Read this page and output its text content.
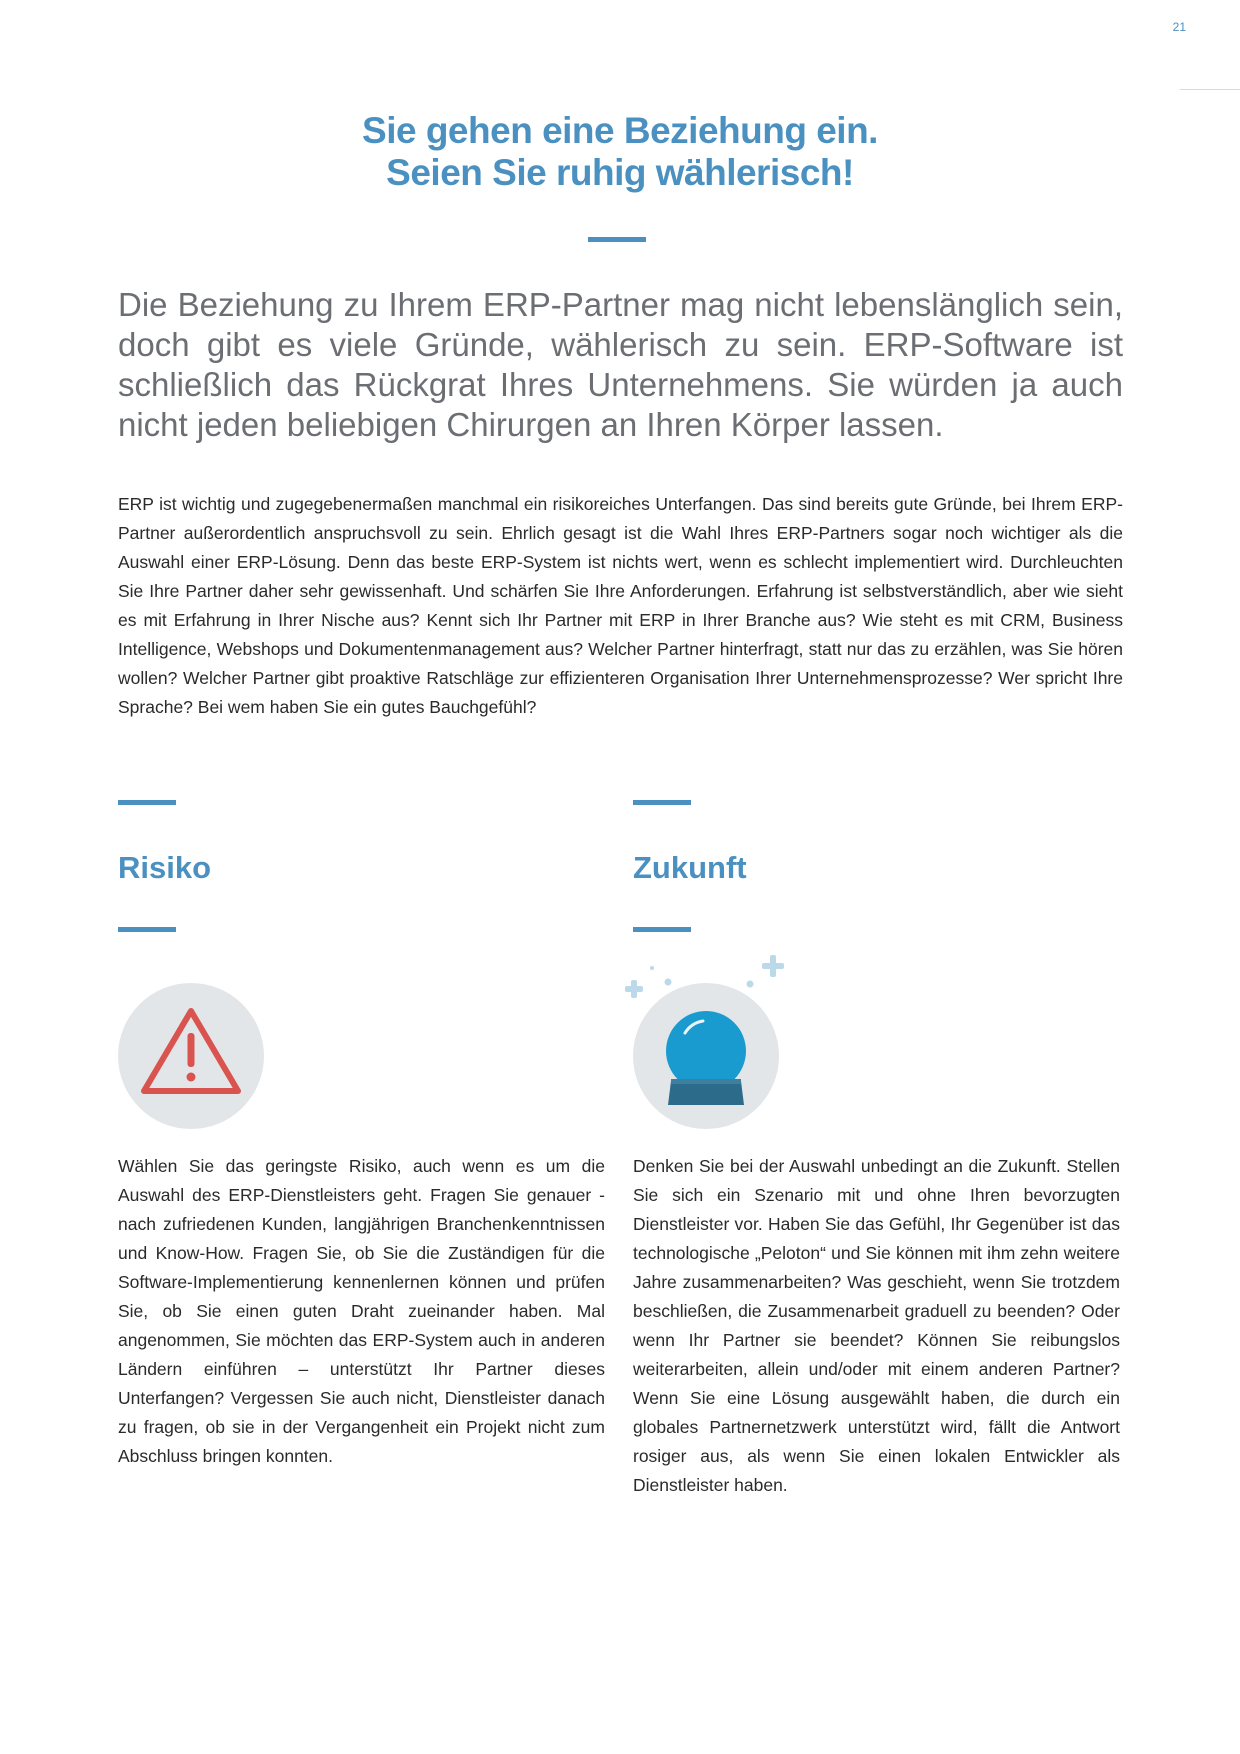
21
Sie gehen eine Beziehung ein.
Seien Sie ruhig wählerisch!

Die Beziehung zu Ihrem ERP-Partner mag nicht lebenslänglich sein, doch gibt es viele Gründe, wählerisch zu sein. ERP-Software ist schließlich das Rückgrat Ihres Unternehmens. Sie würden ja auch nicht jeden beliebigen Chirurgen an Ihren Körper lassen.

ERP ist wichtig und zugegebenermaßen manchmal ein risikoreiches Unterfangen. Das sind bereits gute Gründe, bei Ihrem ERP-Partner außerordentlich anspruchsvoll zu sein. Ehrlich gesagt ist die Wahl Ihres ERP-Partners sogar noch wichtiger als die Auswahl einer ERP-Lösung. Denn das beste ERP-System ist nichts wert, wenn es schlecht implementiert wird. Durchleuchten Sie Ihre Partner daher sehr gewissenhaft. Und schärfen Sie Ihre Anforderungen. Erfahrung ist selbstverständlich, aber wie sieht es mit Erfahrung in Ihrer Nische aus? Kennt sich Ihr Partner mit ERP in Ihrer Branche aus? Wie steht es mit CRM, Business Intelligence, Webshops und Dokumentenmanagement aus? Welcher Partner hinterfragt, statt nur das zu erzählen, was Sie hören wollen? Welcher Partner gibt proaktive Ratschläge zur effizienteren Organisation Ihrer Unternehmensprozesse? Wer spricht Ihre Sprache? Bei wem haben Sie ein gutes Bauchgefühl?

Risiko

Wählen Sie das geringste Risiko, auch wenn es um die Auswahl des ERP-Dienstleisters geht. Fragen Sie genauer - nach zufriedenen Kunden, langjährigen Branchenkenntnissen und Know-How. Fragen Sie, ob Sie die Zuständigen für die Software-Implementierung kennenlernen können und prüfen Sie, ob Sie einen guten Draht zueinander haben. Mal angenommen, Sie möchten das ERP-System auch in anderen Ländern einführen – unterstützt Ihr Partner dieses Unterfangen? Vergessen Sie auch nicht, Dienstleister danach zu fragen, ob sie in der Vergangenheit ein Projekt nicht zum Abschluss bringen konnten.

Zukunft

Denken Sie bei der Auswahl unbedingt an die Zukunft. Stellen Sie sich ein Szenario mit und ohne Ihren bevorzugten Dienstleister vor. Haben Sie das Gefühl, Ihr Gegenüber ist das technologische „Peloton“ und Sie können mit ihm zehn weitere Jahre zusammenarbeiten? Was geschieht, wenn Sie trotzdem beschließen, die Zusammenarbeit graduell zu beenden? Oder wenn Ihr Partner sie beendet? Können Sie reibungslos weiterarbeiten, allein und/oder mit einem anderen Partner? Wenn Sie eine Lösung ausgewählt haben, die durch ein globales Partnernetzwerk unterstützt wird, fällt die Antwort rosiger aus, als wenn Sie einen lokalen Entwickler als Dienstleister haben.
